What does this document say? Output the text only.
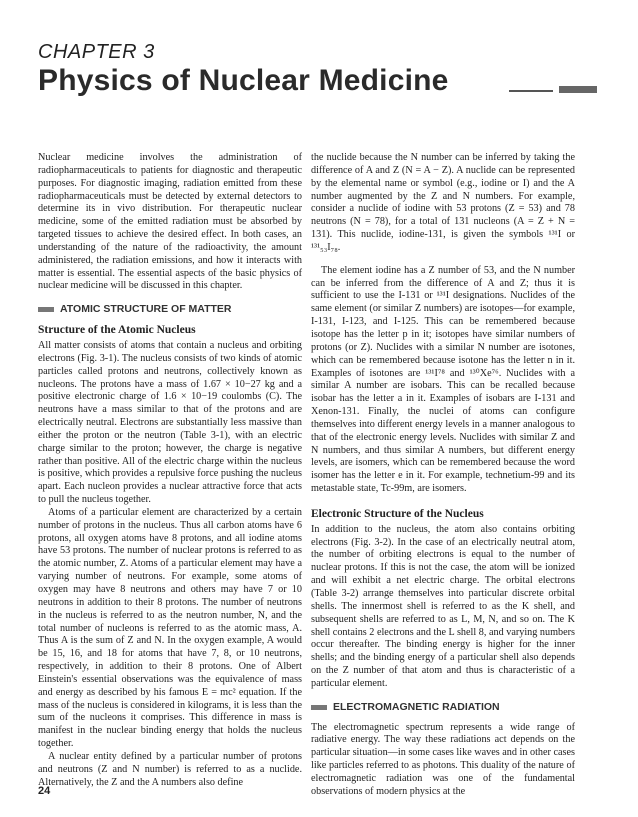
CHAPTER 3
Physics of Nuclear Medicine

Nuclear medicine involves the administration of radiopharmaceuticals to patients for diagnostic and therapeutic purposes. For diagnostic imaging, radiation emitted from these radiopharmaceuticals must be detected by external detectors to determine its in vivo distribution. For therapeutic nuclear medicine, some of the emitted radiation must be absorbed by targeted tissues to achieve the desired effect. In both cases, an understanding of the nature of the radioactivity, the amount administered, the radiation emissions, and how it interacts with matter is essential. The essential aspects of the basic physics of nuclear medicine will be discussed in this chapter.

ATOMIC STRUCTURE OF MATTER
Structure of the Atomic Nucleus

All matter consists of atoms that contain a nucleus and orbiting electrons (Fig. 3-1). The nucleus consists of two kinds of atomic particles called protons and neutrons, collectively known as nucleons. The protons have a mass of 1.67 × 10−27 kg and a positive electronic charge of 1.6 × 10−19 coulombs (C). The neutrons have a mass similar to that of the protons and are electrically neutral. Electrons are substantially less massive than either the proton or the neutron (Table 3-1), with an electric charge similar to the proton; however, the charge is negative rather than positive. All of the electric charge within the nucleus is positive, which provides a repulsive force pushing the nucleus apart. Each nucleon provides a nuclear attractive force that acts to pull the nucleus together.

Atoms of a particular element are characterized by a certain number of protons in the nucleus. Thus all carbon atoms have 6 protons, all oxygen atoms have 8 protons, and all iodine atoms have 53 protons. The number of nuclear protons is referred to as the atomic number, Z. Atoms of a particular element may have a varying number of neutrons. For example, some atoms of oxygen may have 8 neutrons and others may have 7 or 10 neutrons in addition to their 8 protons. The number of neutrons in the nucleus is referred to as the neutron number, N, and the total number of nucleons is referred to as the atomic mass, A. Thus A is the sum of Z and N. In the oxygen example, A would be 15, 16, and 18 for atoms that have 7, 8, or 10 neutrons, respectively, in addition to their 8 protons. One of Albert Einstein's essential observations was the equivalence of mass and energy as described by his famous E = mc² equation. If the mass of the nucleus is considered in kilograms, it is less than the sum of the nucleons it comprises. This difference in mass is manifest in the nuclear binding energy that holds the nucleus together.

A nuclear entity defined by a particular number of protons and neutrons (Z and N number) is referred to as a nuclide. Alternatively, the Z and the A numbers also define

the nuclide because the N number can be inferred by taking the difference of A and Z (N = A − Z). A nuclide can be represented by the elemental name or symbol (e.g., iodine or I) and the A number augmented by the Z and N numbers. For example, consider a nuclide of iodine with 53 protons (Z = 53) and 78 neutrons (N = 78), for a total of 131 nucleons (A = Z + N = 131). This nuclide, iodine-131, is given the symbols ¹³¹I or ¹³¹₅₃I₇₈.

The element iodine has a Z number of 53, and the N number can be inferred from the difference of A and Z; thus it is sufficient to use the I-131 or ¹³¹I designations. Nuclides of the same element (or similar Z numbers) are isotopes—for example, I-131, I-123, and I-125. This can be remembered because isotope has the letter p in it; isotopes have similar numbers of protons (or Z). Nuclides with a similar N number are isotones, which can be remembered because isotone has the letter n in it. Examples of isotones are ¹³¹I⁷⁸ and ¹³⁰Xe⁷⁶. Nuclides with a similar A number are isobars. This can be recalled because isobar has the letter a in it. Examples of isobars are I-131 and Xenon-131. Finally, the nuclei of atoms can configure themselves into different energy levels in a manner analogous to that of the electronic energy levels. Nuclides with similar Z and N numbers, and thus similar A numbers, but different energy levels, are isomers, which can be remembered because the word isomer has the letter e in it. For example, technetium-99 and its metastable state, Tc-99m, are isomers.

Electronic Structure of the Nucleus

In addition to the nucleus, the atom also contains orbiting electrons (Fig. 3-2). In the case of an electrically neutral atom, the number of orbiting electrons is equal to the number of nuclear protons. If this is not the case, the atom will be ionized and will exhibit a net electric charge. The orbital electrons (Table 3-2) arrange themselves into particular discrete orbital shells. The innermost shell is referred to as the K shell, and subsequent shells are referred to as L, M, N, and so on. The K shell contains 2 electrons and the L shell 8, and varying numbers occur thereafter. The binding energy is higher for the inner shells; and the binding energy of a particular shell also depends on the Z number of that atom and thus is characteristic of a particular element.

ELECTROMAGNETIC RADIATION

The electromagnetic spectrum represents a wide range of radiative energy. The way these radiations act depends on the particular situation—in some cases like waves and in other cases like particles referred to as photons. This duality of the nature of electromagnetic radiation was one of the fundamental observations of modern physics at the

24
